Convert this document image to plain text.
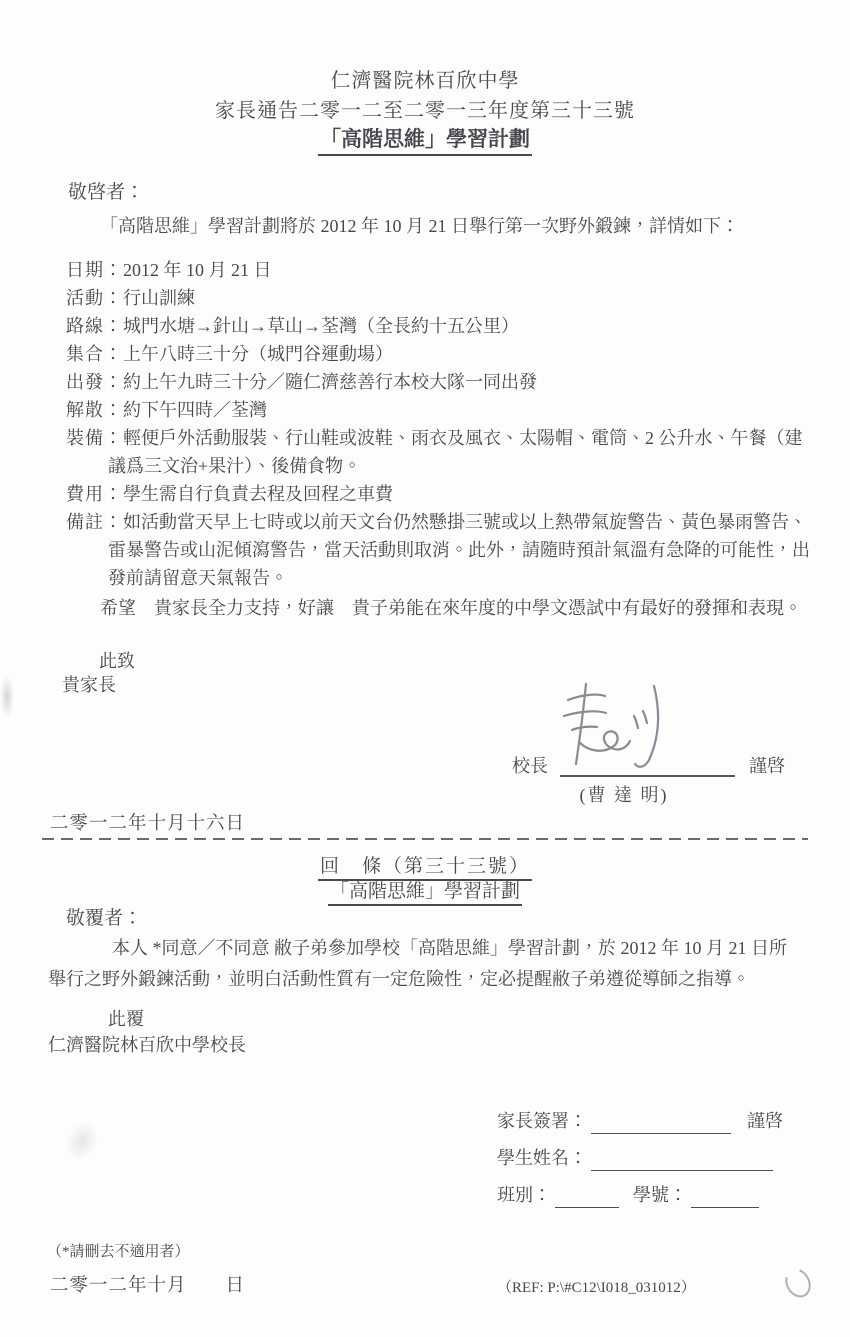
仁濟醫院林百欣中學
家長通告二零一二至二零一三年度第三十三號
「高階思維」學習計劃

敬啓者：

「高階思維」學習計劃將於 2012 年 10 月 21 日舉行第一次野外鍛鍊，詳情如下：

日期：2012 年 10 月 21 日

活動：行山訓練

路線：城門水塘→針山→草山→荃灣（全長約十五公里）

集合：上午八時三十分（城門谷運動場）

出發：約上午九時三十分／隨仁濟慈善行本校大隊一同出發

解散：約下午四時／荃灣

裝備：輕便戶外活動服裝、行山鞋或波鞋、雨衣及風衣、太陽帽、電筒、2 公升水、午餐（建議爲三文治+果汁）、後備食物。

費用：學生需自行負責去程及回程之車費

備註：如活動當天早上七時或以前天文台仍然懸掛三號或以上熱帶氣旋警告、黃色暴雨警告、雷暴警告或山泥傾瀉警告，當天活動則取消。此外，請隨時預計氣溫有急降的可能性，出發前請留意天氣報告。

希望　貴家長全力支持，好讓　貴子弟能在來年度的中學文憑試中有最好的發揮和表現。

此致

貴家長

校長	謹啓
(曹 達 明)

二零一二年十月十六日

回　條（第三十三號）
「高階思維」學習計劃

敬覆者：

本人 *同意／不同意 敝子弟參加學校「高階思維」學習計劃，於 2012 年 10 月 21 日所舉行之野外鍛鍊活動，並明白活動性質有一定危險性，定必提醒敝子弟遵從導師之指導。

此覆

仁濟醫院林百欣中學校長

家長簽署：	謹啓
學生姓名：
班別：	學號：

（*請刪去不適用者）

二零一二年十月　　日	（REF: P:\#C12\I018_031012）
